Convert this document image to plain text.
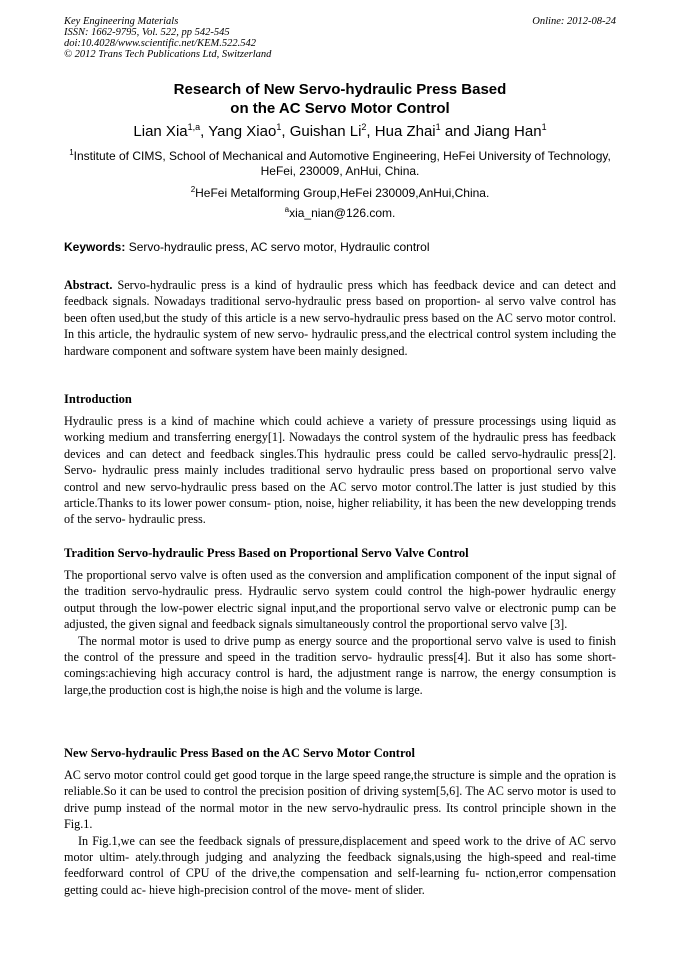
Key Engineering Materials
ISSN: 1662-9795, Vol. 522, pp 542-545
doi:10.4028/www.scientific.net/KEM.522.542
© 2012 Trans Tech Publications Ltd, Switzerland
Online: 2012-08-24
Research of New Servo-hydraulic Press Based
on the AC Servo Motor Control
Lian Xia$^{1,a}$, Yang Xiao$^1$, Guishan Li$^2$, Hua Zhai$^1$ and Jiang Han$^1$
$^1$Institute of CIMS, School of Mechanical and Automotive Engineering, HeFei University of Technology, HeFei, 230009, AnHui, China.
$^2$HeFei Metalforming Group,HeFei 230009,AnHui,China.
$^a$xia_nian@126.com.
Keywords: Servo-hydraulic press, AC servo motor, Hydraulic control

Abstract. Servo-hydraulic press is a kind of hydraulic press which has feedback device and can detect and feedback signals. Nowadays traditional servo-hydraulic press based on proportion- al servo valve control has been often used,but the study of this article is a new servo-hydraulic press based on the AC servo motor control. In this article, the hydraulic system of new servo- hydraulic press,and the electrical control system including the hardware component and software system have been mainly designed.

Introduction

Hydraulic press is a kind of machine which could achieve a variety of pressure processings using liquid as working medium and transferring energy[1]. Nowadays the control system of the hydraulic press has feedback devices and can detect and feedback singles.This hydraulic press could be called servo-hydraulic press[2]. Servo- hydraulic press mainly includes traditional servo hydraulic press based on proportional servo valve control and new servo-hydraulic press based on the AC servo motor control.The latter is just studied by this article.Thanks to its lower power consum- ption, noise, higher reliability, it has been the new developping trends of the servo- hydraulic press.

Tradition Servo-hydraulic Press Based on Proportional Servo Valve Control

The proportional servo valve is often used as the conversion and amplification component of the input signal of the tradition servo-hydraulic press. Hydraulic servo system could control the high-power hydraulic energy output through the low-power electric signal input,and the proportional servo valve or electronic pump can be adjusted, the given signal and feedback signals simultaneously control the proportional servo valve [3].

The normal motor is used to drive pump as energy source and the proportional servo valve is used to finish the control of the pressure and speed in the tradition servo- hydraulic press[4]. But it also has some short- comings:achieving high accuracy control is hard, the adjustment range is narrow, the energy consumption is large,the production cost is high,the noise is high and the volume is large.

New Servo-hydraulic Press Based on the AC Servo Motor Control

AC servo motor control could get good torque in the large speed range,the structure is simple and the opration is reliable.So it can be used to control the precision position of driving system[5,6]. The AC servo motor is used to drive pump instead of the normal motor in the new servo-hydraulic press. Its control principle shown in the Fig.1.

In Fig.1,we can see the feedback signals of pressure,displacement and speed work to the drive of AC servo motor ultim- ately.through judging and analyzing the feedback signals,using the high-speed and real-time feedforward control of CPU of the drive,the compensation and self-learning fu- nction,error compensation getting could ac- hieve high-precision control of the move- ment of slider.
